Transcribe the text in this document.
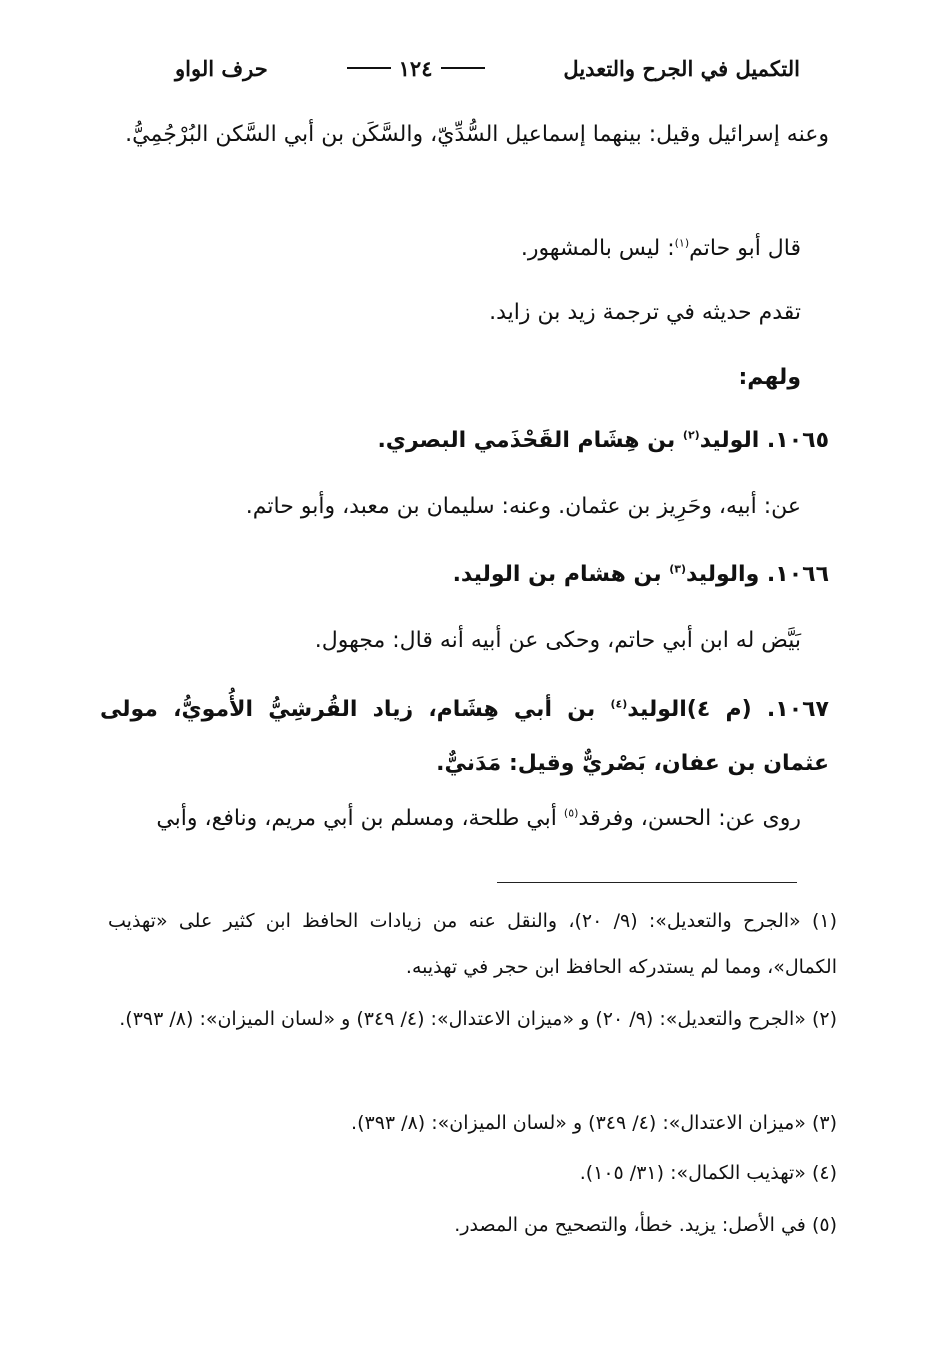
التكميل في الجرح والتعديل
١٢٤
حرف الواو
وعنه إسرائيل وقيل: بينهما إسماعيل السُّدِّيّ، والسَّكَن بن أبي السَّكن البُرْجُمِيُّ.
قال أبو حاتم$^{(١)}$: ليس بالمشهور.
تقدم حديثه في ترجمة زيد بن زايد.
ولهم:
١٠٦٥. الوليد$^{(٢)}$ بن هِشَام القَحْذَمي البصري.
عن: أبيه، وحَرِيز بن عثمان. وعنه: سليمان بن معبد، وأبو حاتم.
١٠٦٦. والوليد$^{(٣)}$ بن هشام بن الوليد.
بَيَّض له ابن أبي حاتم، وحكى عن أبيه أنه قال: مجهول.
١٠٦٧. (م ٤)الوليد$^{(٤)}$ بن أبي هِشَام، زياد القُرشِيُّ الأُمويُّ، مولى عثمان بن عفان، بَصْريٌّ وقيل: مَدَنيٌّ.
روى عن: الحسن، وفرقد$^{(٥)}$ أبي طلحة، ومسلم بن أبي مريم، ونافع، وأبي
(١) «الجرح والتعديل»: (٩/ ٢٠)، والنقل عنه من زيادات الحافظ ابن كثير على «تهذيب الكمال»، ومما لم يستدركه الحافظ ابن حجر في تهذيبه.
(٢) «الجرح والتعديل»: (٩/ ٢٠) و «ميزان الاعتدال»: (٤/ ٣٤٩) و «لسان الميزان»: (٨/ ٣٩٣).
(٣) «ميزان الاعتدال»: (٤/ ٣٤٩) و «لسان الميزان»: (٨/ ٣٩٣).
(٤) «تهذيب الكمال»: (٣١/ ١٠٥).
(٥) في الأصل: يزيد. خطأ، والتصحيح من المصدر.
